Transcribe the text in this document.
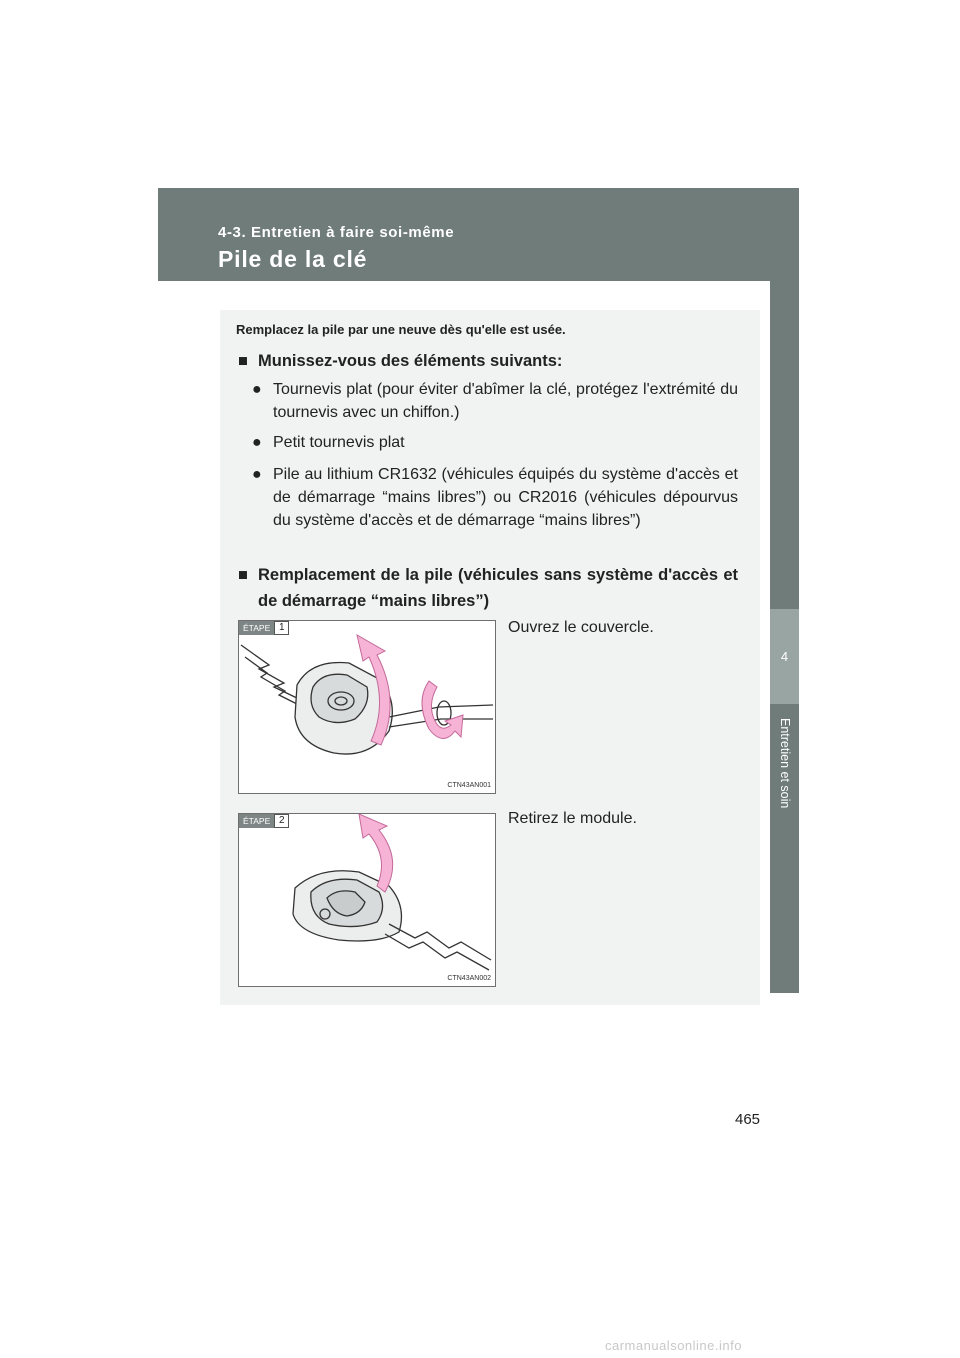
4-3. Entretien à faire soi-même
Pile de la clé
4
Entretien et soin
Remplacez la pile par une neuve dès qu'elle est usée.
■ Munissez-vous des éléments suivants:
● Tournevis plat (pour éviter d'abîmer la clé, protégez l'extrémité du tournevis avec un chiffon.)
● Petit tournevis plat
● Pile au lithium CR1632 (véhicules équipés du système d'accès et de démarrage “mains libres”) ou CR2016 (véhicules dépourvus du système d'accès et de démarrage “mains libres”)
■ Remplacement de la pile (véhicules sans système d'accès et de démarrage “mains libres”)
ÉTAPE 1
CTN43AN001
Ouvrez le couvercle.
ÉTAPE 2
CTN43AN002
Retirez le module.
465
carmanualsonline.info
